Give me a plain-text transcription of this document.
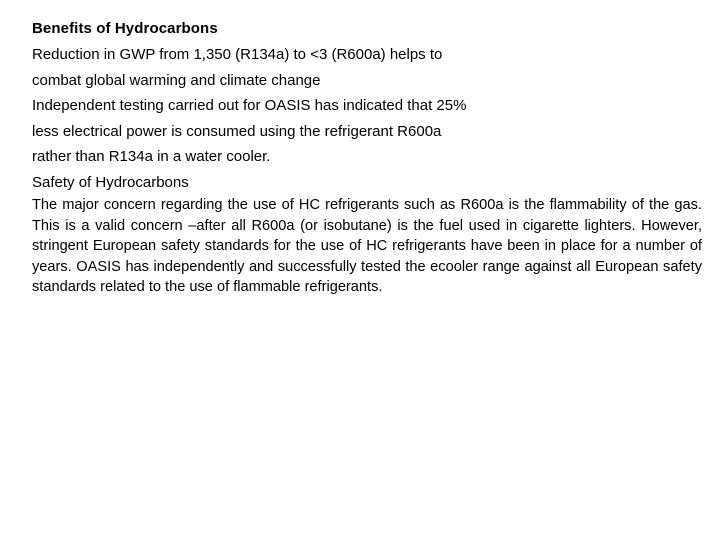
Benefits of Hydrocarbons

Reduction in GWP from 1,350 (R134a) to <3 (R600a) helps to

combat global warming and climate change

Independent testing carried out for OASIS has indicated that 25%

less electrical power is consumed using the refrigerant R600a

rather than R134a in a water cooler.

Safety of Hydrocarbons

The major concern regarding the use of HC refrigerants such as R600a is the flammability of the gas. This is a valid concern –after all R600a (or isobutane) is the fuel used in cigarette lighters. However, stringent European safety standards for the use of HC refrigerants have been in place for a number of years. OASIS has independently and successfully tested the ecooler range against all European safety standards related to the use of flammable refrigerants.
